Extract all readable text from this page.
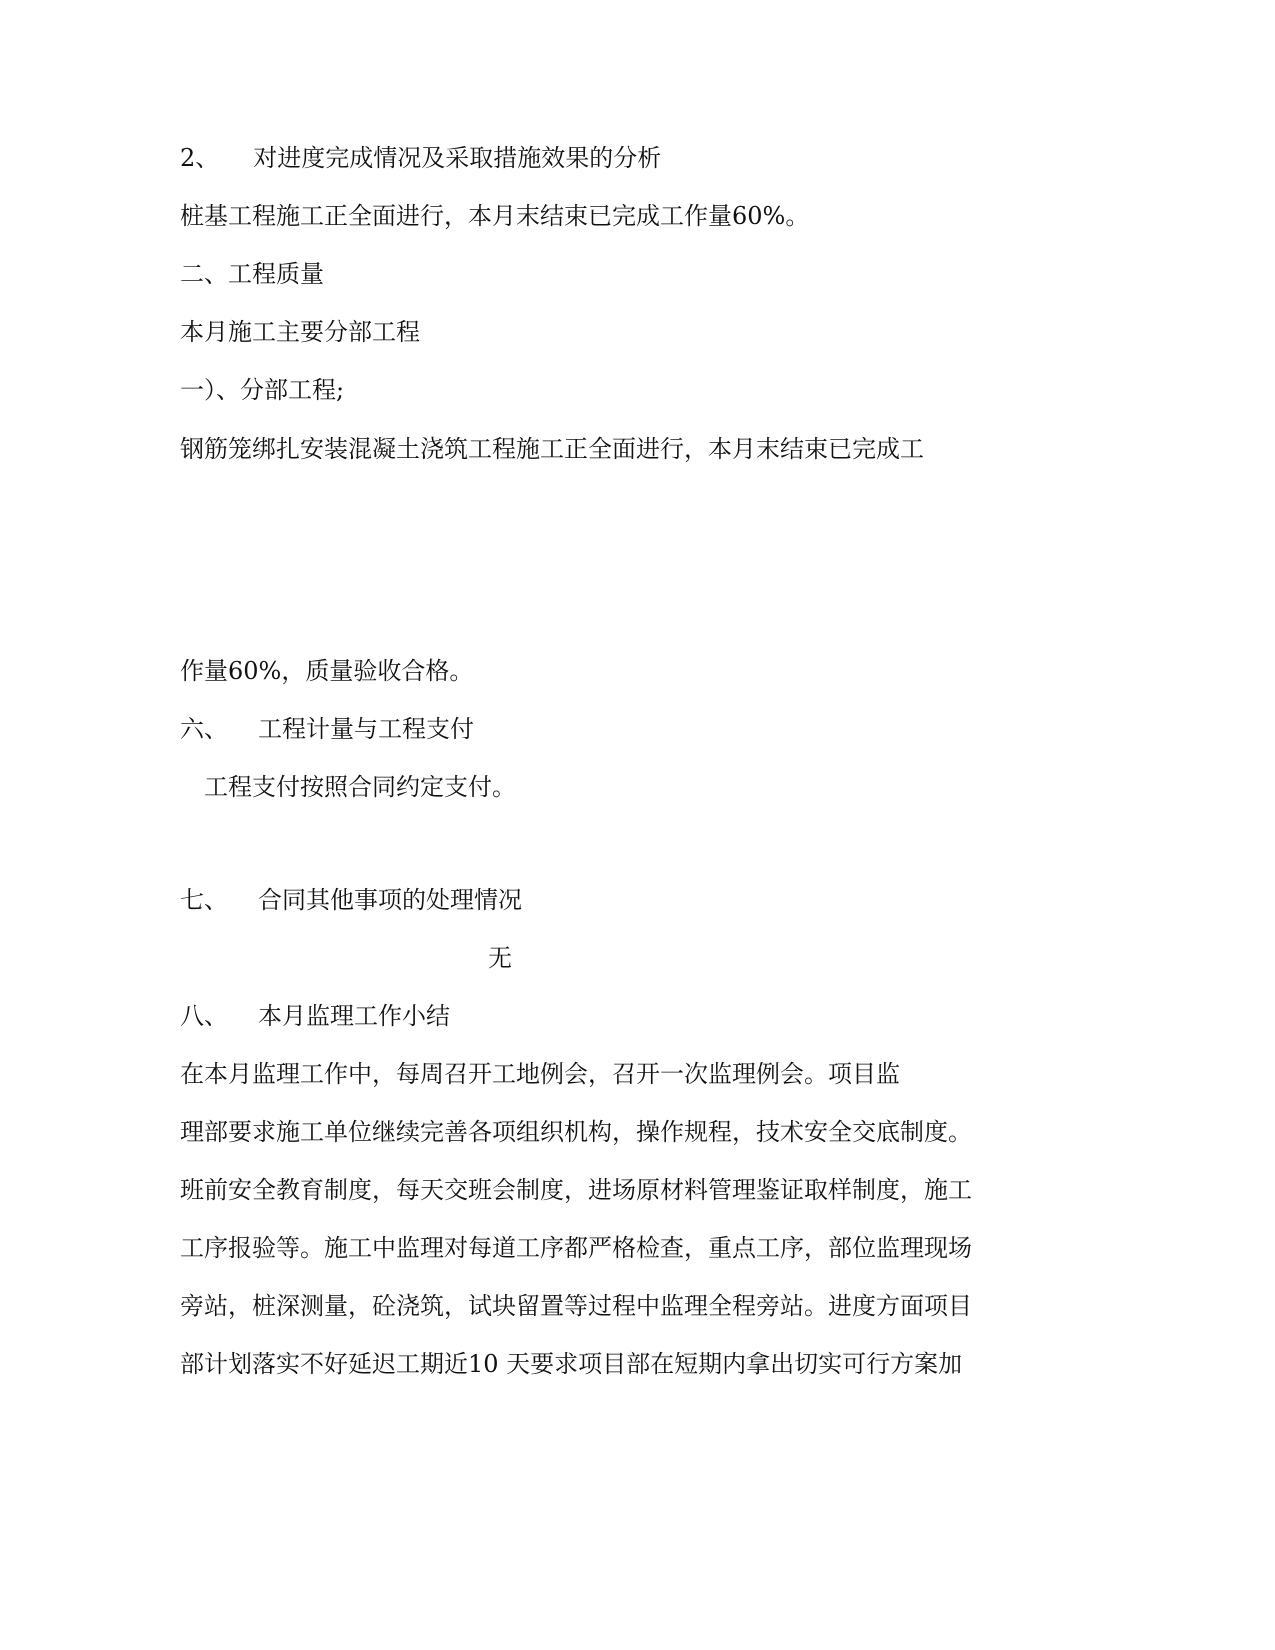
2、 对进度完成情况及采取措施效果的分析
桩基工程施工正全面进行，本月末结束已完成工作量60%。
二、工程质量
本月施工主要分部工程
一）、分部工程;
钢筋笼绑扎安装混凝土浇筑工程施工正全面进行，本月末结束已完成工
作量60%，质量验收合格。
六、 工程计量与工程支付
工程支付按照合同约定支付。
七、 合同其他事项的处理情况
无
八、 本月监理工作小结
在本月监理工作中，每周召开工地例会，召开一次监理例会。项目监
理部要求施工单位继续完善各项组织机构，操作规程，技术安全交底制度。
班前安全教育制度，每天交班会制度，进场原材料管理鉴证取样制度，施工
工序报验等。施工中监理对每道工序都严格检查，重点工序，部位监理现场
旁站，桩深测量，砼浇筑，试块留置等过程中监理全程旁站。进度方面项目
部计划落实不好延迟工期近10 天要求项目部在短期内拿出切实可行方案加
